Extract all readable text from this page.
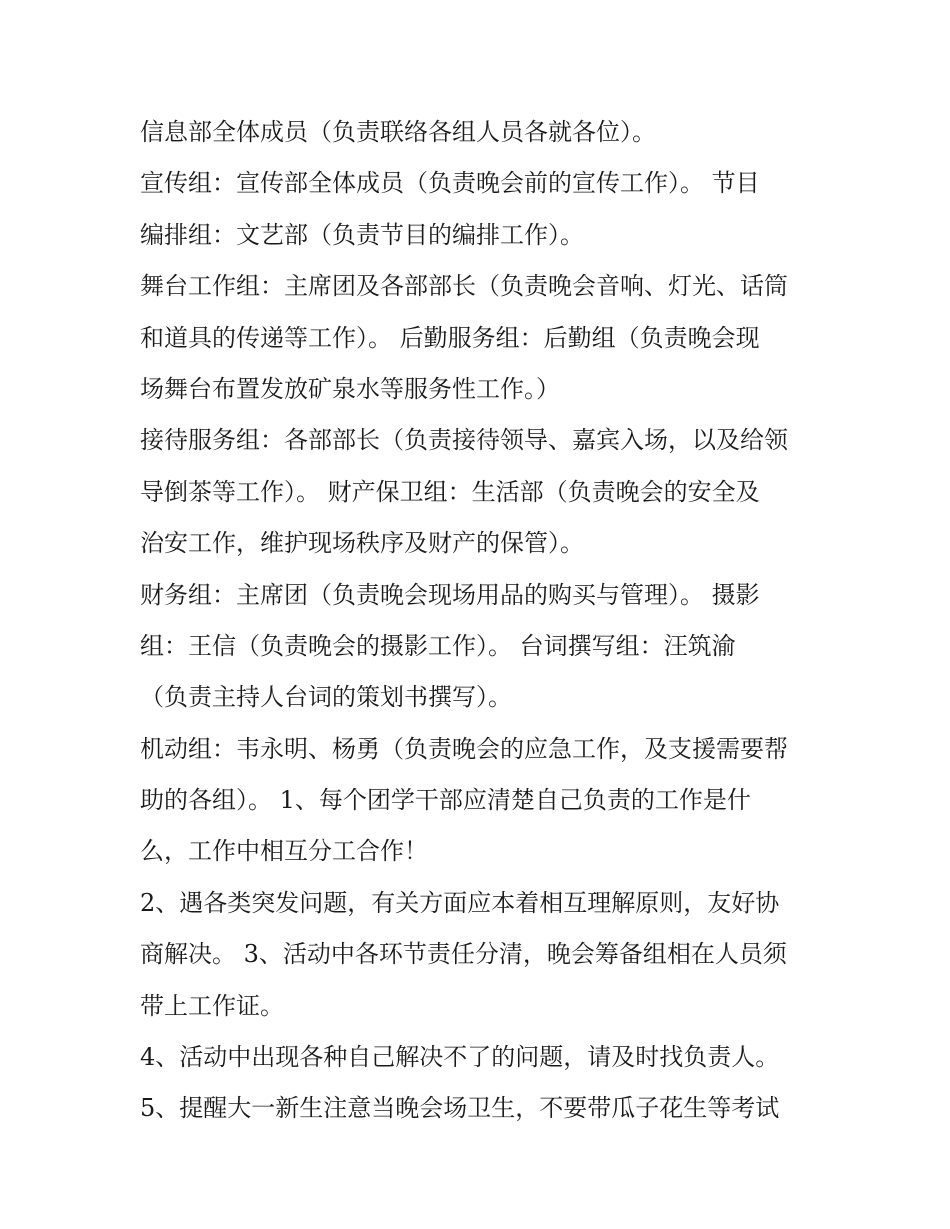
信息部全体成员（负责联络各组人员各就各位）。

宣传组：宣传部全体成员（负责晚会前的宣传工作）。 节目

编排组：文艺部（负责节目的编排工作）。

舞台工作组：主席团及各部部长（负责晚会音响、灯光、话筒

和道具的传递等工作）。 后勤服务组：后勤组（负责晚会现

场舞台布置发放矿泉水等服务性工作。）

接待服务组：各部部长（负责接待领导、嘉宾入场，以及给领

导倒茶等工作）。 财产保卫组：生活部（负责晚会的安全及

治安工作，维护现场秩序及财产的保管）。

财务组：主席团（负责晚会现场用品的购买与管理）。 摄影

组：王信（负责晚会的摄影工作）。 台词撰写组：汪筑渝

（负责主持人台词的策划书撰写）。

机动组：韦永明、杨勇（负责晚会的应急工作，及支援需要帮

助的各组）。 1、每个团学干部应清楚自己负责的工作是什

么，工作中相互分工合作！

2、遇各类突发问题，有关方面应本着相互理解原则，友好协

商解决。 3、活动中各环节责任分清，晚会筹备组相在人员须

带上工作证。

4、活动中出现各种自己解决不了的问题，请及时找负责人。

5、提醒大一新生注意当晚会场卫生，不要带瓜子花生等考试
